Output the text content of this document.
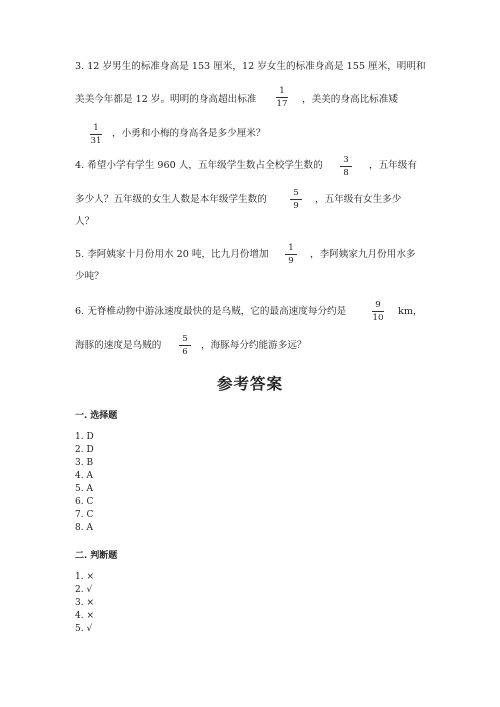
3. 12 岁男生的标准身高是 153 厘米，12 岁女生的标准身高是 155 厘米，明明和
美美今年都是 12 岁。明明的身高超出标准
1
17 ，美美的身高比标准矮
1
31
，小勇和小梅的身高各是多少厘米？
4. 希望小学有学生 960 人，五年级学生数占全校学生数的	3
8
，五年级有
多少人？五年级的女生人数是本年级学生数的
5
9
，五年级有女生多少
人？
5. 李阿姨家十月份用水 20 吨，比九月份增加
1
9
，李阿姨家九月份用水多
少吨？
6. 无脊椎动物中游泳速度最快的是乌贼，它的最高速度每分约是
9
10
km，
海豚的速度是乌贼的
5
6
，海豚每分约能游多远？
参考答案
一. 选择题
1. D
2. D
3. B
4. A
5. A
6. C
7. C
8. A
二. 判断题
1. ×
2. √
3. ×
4. ×
5. √
